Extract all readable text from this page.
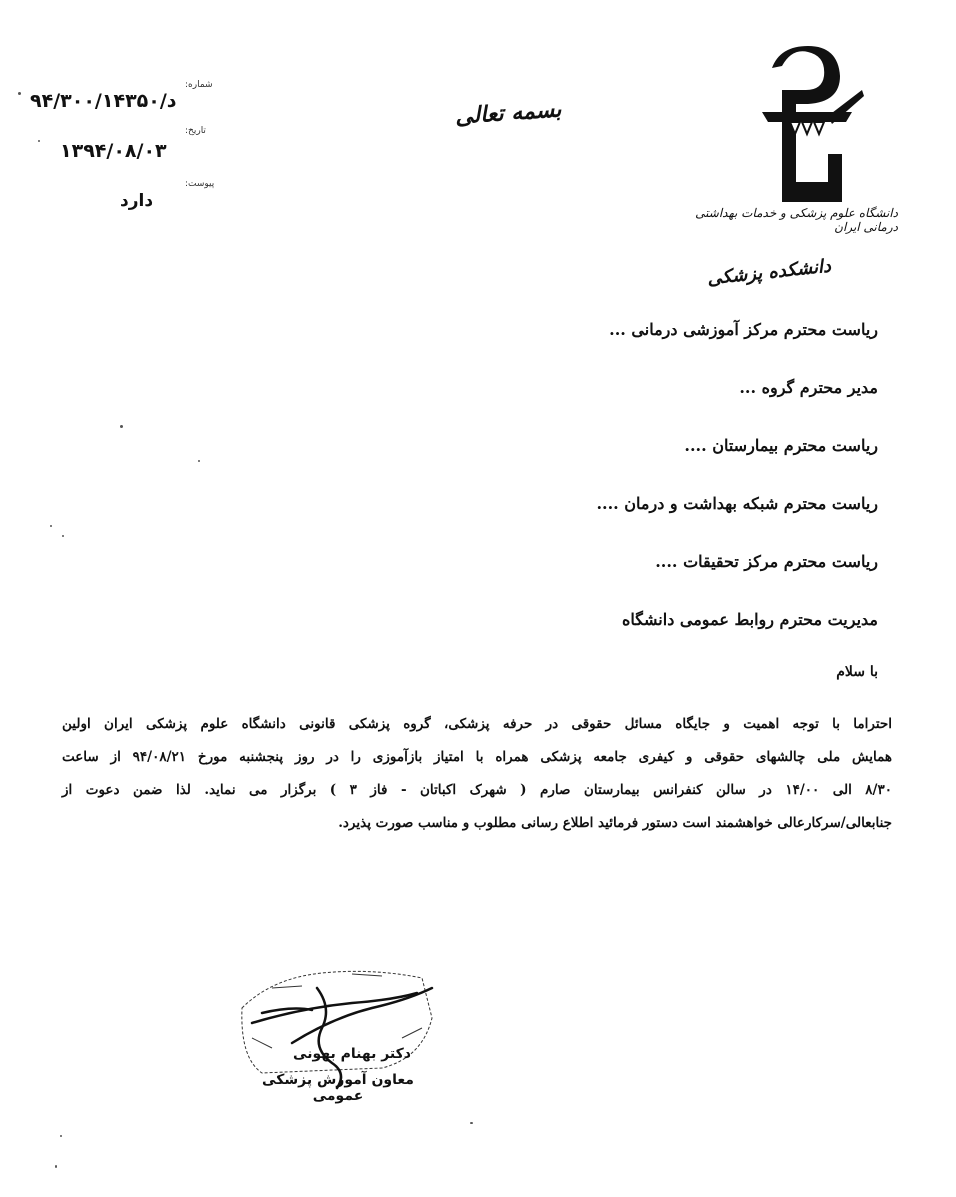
شماره:
۹۴/د/۳۰۰/۱۴۳۵۰
تاریخ:
۱۳۹۴/۰۸/۰۳
پیوست:
دارد
بسمه تعالی
دانشگاه علوم پزشکی و خدمات بهداشتی درمانی ایران
دانشکده پزشکی
ریاست محترم مرکز آموزشی درمانی ...
مدیر محترم گروه ...
ریاست محترم بیمارستان ....
ریاست محترم شبکه بهداشت و درمان ....
ریاست محترم مرکز تحقیقات ....
مدیریت محترم روابط عمومی دانشگاه
با سلام
احتراما با توجه اهمیت و جایگاه مسائل حقوقی در حرفه پزشکی، گروه پزشکی قانونی دانشگاه علوم پزشکی ایران اولین
همایش ملی چالشهای حقوقی و کیفری جامعه پزشکی همراه با امتیاز بازآموزی را در روز پنجشنبه مورخ ۹۴/۰۸/۲۱ از ساعت
۸/۳۰ الی ۱۴/۰۰ در سالن کنفرانس بیمارستان صارم ( شهرک اکباتان - فاز ۳ ) برگزار می نماید. لذا ضمن دعوت از
جنابعالی/سرکارعالی خواهشمند است دستور فرمائید اطلاع رسانی مطلوب و مناسب صورت پذیرد.
دکتر بهنام بهونی
معاون آموزش پزشکی عمومی
